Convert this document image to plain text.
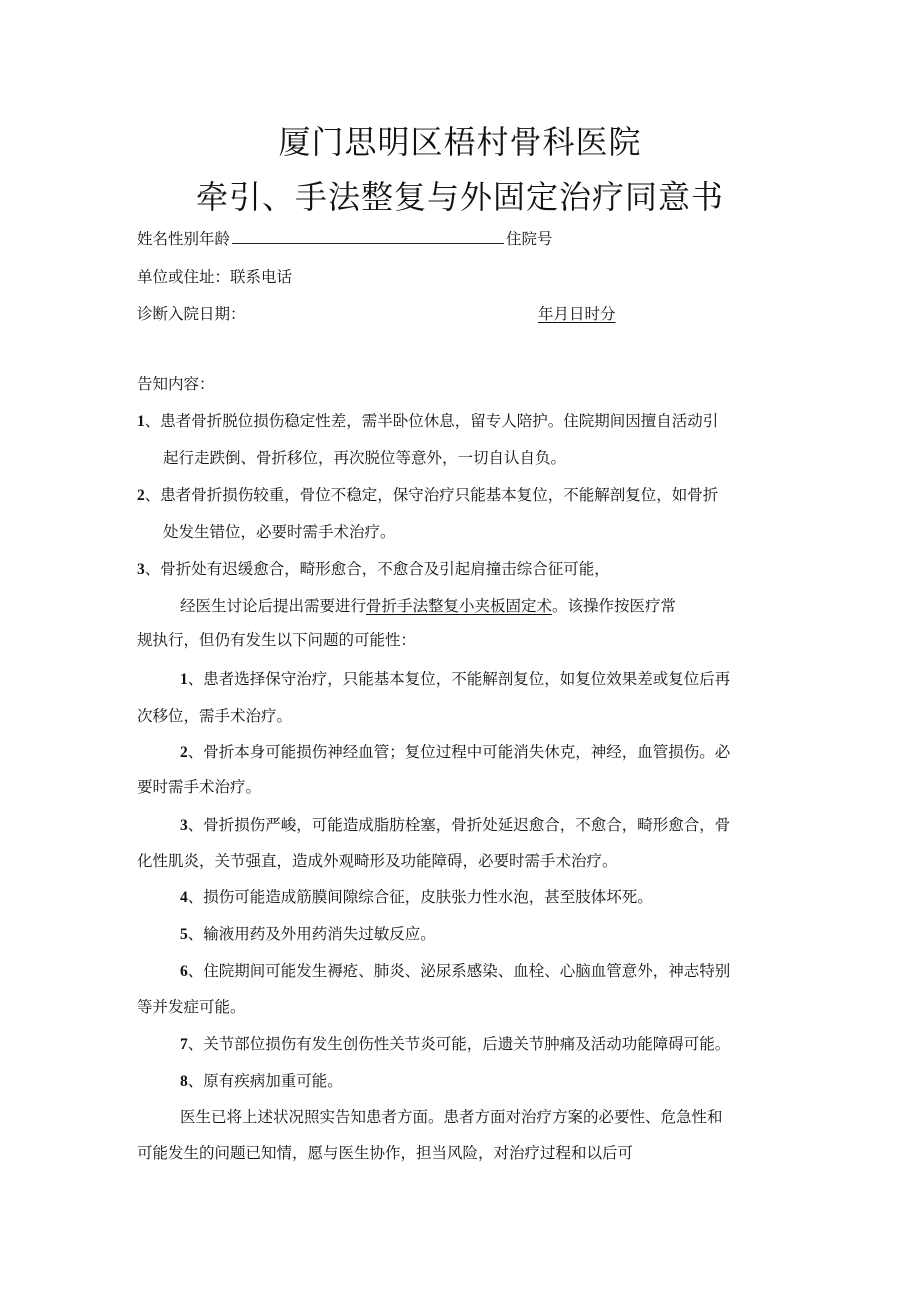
厦门思明区梧村骨科医院
牵引、手法整复与外固定治疗同意书
姓名性别年龄	住院号
单位或住址：联系电话
诊断入院日期：	年月日时分
告知内容：
1、患者骨折脱位损伤稳定性差，需半卧位休息，留专人陪护。住院期间因擅自活动引
起行走跌倒、骨折移位，再次脱位等意外，一切自认自负。
2、患者骨折损伤较重，骨位不稳定，保守治疗只能基本复位，不能解剖复位，如骨折
处发生错位，必要时需手术治疗。
3、骨折处有迟缓愈合，畸形愈合，不愈合及引起肩撞击综合征可能，
经医生讨论后提出需要进行骨折手法整复小夹板固定术。该操作按医疗常
规执行，但仍有发生以下问题的可能性：
1、患者选择保守治疗，只能基本复位，不能解剖复位，如复位效果差或复位后再
次移位，需手术治疗。
2、骨折本身可能损伤神经血管；复位过程中可能消失休克，神经，血管损伤。必
要时需手术治疗。
3、骨折损伤严峻，可能造成脂肪栓塞，骨折处延迟愈合，不愈合，畸形愈合，骨
化性肌炎，关节强直，造成外观畸形及功能障碍，必要时需手术治疗。
4、损伤可能造成筋膜间隙综合征，皮肤张力性水泡，甚至肢体坏死。
5、输液用药及外用药消失过敏反应。
6、住院期间可能发生褥疮、肺炎、泌尿系感染、血栓、心脑血管意外，神志特别
等并发症可能。
7、关节部位损伤有发生创伤性关节炎可能，后遗关节肿痛及活动功能障碍可能。
8、原有疾病加重可能。
医生已将上述状况照实告知患者方面。患者方面对治疗方案的必要性、危急性和
可能发生的问题已知情，愿与医生协作，担当风险，对治疗过程和以后可
